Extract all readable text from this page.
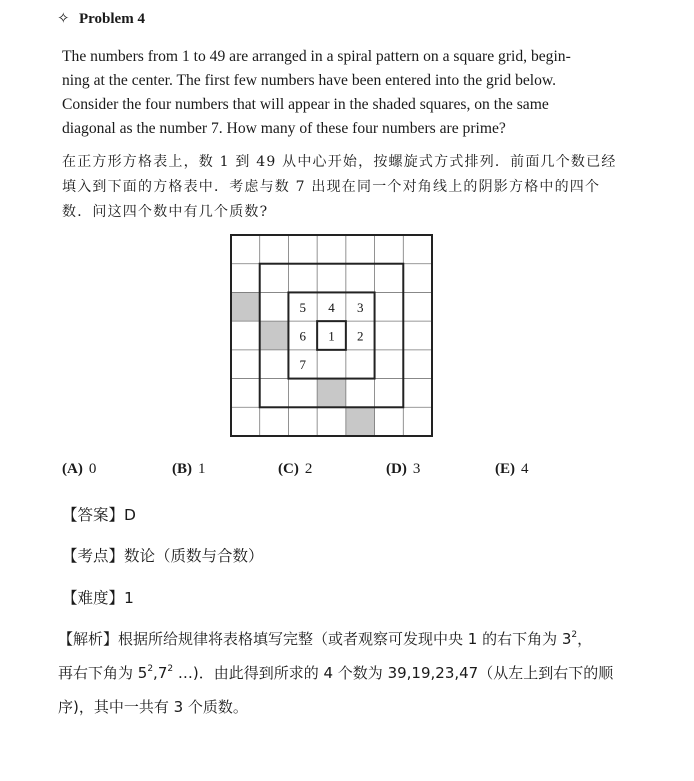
✧ Problem 4
The numbers from 1 to 49 are arranged in a spiral pattern on a square grid, begin-
ning at the center. The first few numbers have been entered into the grid below.
Consider the four numbers that will appear in the shaded squares, on the same
diagonal as the number 7. How many of these four numbers are prime?
在正方形方格表上，数 1 到 49 从中心开始，按螺旋式方式排列．前面几个数已经
填入到下面的方格表中．考虑与数 7 出现在同一个对角线上的阴影方格中的四个
数．问这四个数中有几个质数?
5 4 3
6 1 2
7
(A) 0	(B) 1	(C) 2	(D) 3	(E) 4
【答案】D
【考点】数论（质数与合数）
【难度】1
【解析】根据所给规律将表格填写完整（或者观察可发现中央 1 的右下角为 $3^2$，
再右下角为 $5^2,7^2$ …)．由此得到所求的 4 个数为 39,19,23,47（从左上到右下的顺
序)，其中一共有 3 个质数。
